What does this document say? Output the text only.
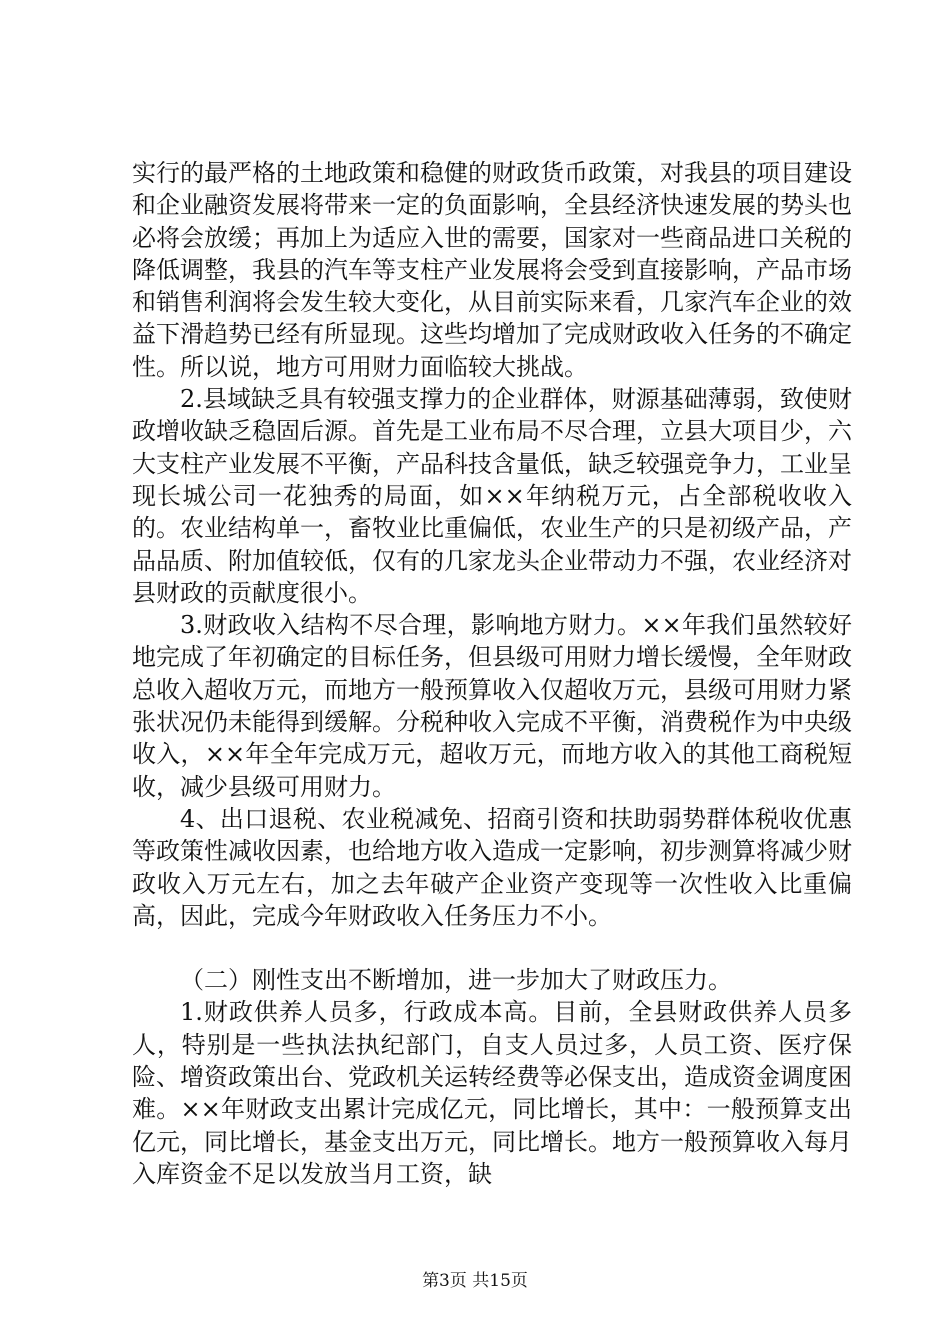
实行的最严格的土地政策和稳健的财政货币政策，对我县的项目建设和企业融资发展将带来一定的负面影响，全县经济快速发展的势头也必将会放缓；再加上为适应入世的需要，国家对一些商品进口关税的降低调整，我县的汽车等支柱产业发展将会受到直接影响，产品市场和销售利润将会发生较大变化，从目前实际来看，几家汽车企业的效益下滑趋势已经有所显现。这些均增加了完成财政收入任务的不确定性。所以说，地方可用财力面临较大挑战。

2.县域缺乏具有较强支撑力的企业群体，财源基础薄弱，致使财政增收缺乏稳固后源。首先是工业布局不尽合理，立县大项目少，六大支柱产业发展不平衡，产品科技含量低，缺乏较强竞争力，工业呈现长城公司一花独秀的局面，如××年纳税万元，占全部税收收入的。农业结构单一，畜牧业比重偏低，农业生产的只是初级产品，产品品质、附加值较低，仅有的几家龙头企业带动力不强，农业经济对县财政的贡献度很小。

3.财政收入结构不尽合理，影响地方财力。××年我们虽然较好地完成了年初确定的目标任务，但县级可用财力增长缓慢，全年财政总收入超收万元，而地方一般预算收入仅超收万元，县级可用财力紧张状况仍未能得到缓解。分税种收入完成不平衡，消费税作为中央级收入，××年全年完成万元，超收万元，而地方收入的其他工商税短收，减少县级可用财力。

4、出口退税、农业税减免、招商引资和扶助弱势群体税收优惠等政策性减收因素，也给地方收入造成一定影响，初步测算将减少财政收入万元左右，加之去年破产企业资产变现等一次性收入比重偏高，因此，完成今年财政收入任务压力不小。

（二）刚性支出不断增加，进一步加大了财政压力。

1.财政供养人员多，行政成本高。目前，全县财政供养人员多人，特别是一些执法执纪部门，自支人员过多，人员工资、医疗保险、增资政策出台、党政机关运转经费等必保支出，造成资金调度困难。××年财政支出累计完成亿元，同比增长，其中：一般预算支出亿元，同比增长，基金支出万元，同比增长。地方一般预算收入每月入库资金不足以发放当月工资，缺

第3页 共15页
